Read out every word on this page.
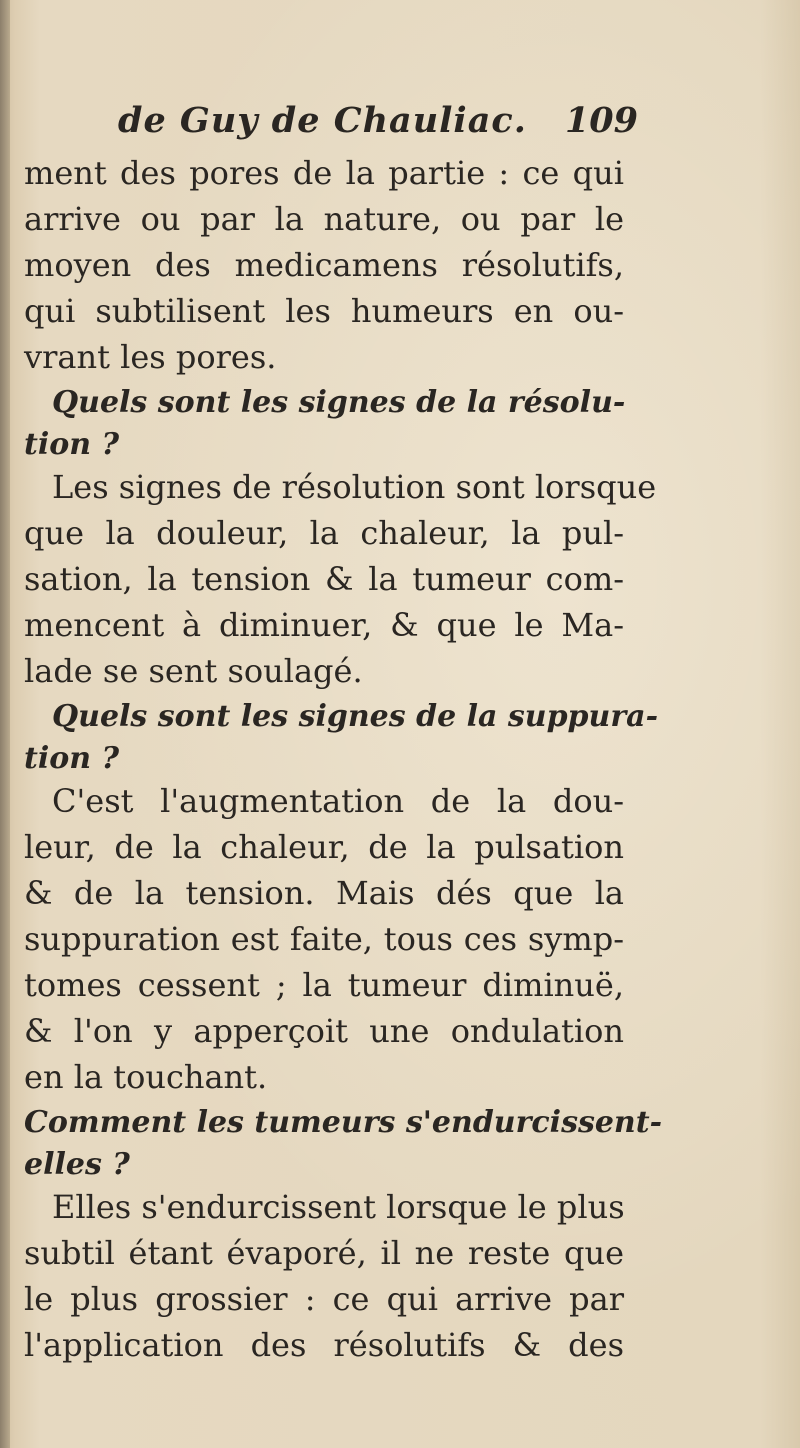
de Guy de Chauliac. 109
ment des pores de la partie : ce qui
arrive ou par la nature, ou par le
moyen des medicamens résolutifs,
qui subtilisent les humeurs en ou-
vrant les pores.
Quels sont les signes de la résolu-
tion ?
Les signes de résolution sont lorsque
que la douleur, la chaleur, la pul-
sation, la tension & la tumeur com-
mencent à diminuer, & que le Ma-
lade se sent soulagé.
Quels sont les signes de la suppura-
tion ?
C'est l'augmentation de la dou-
leur, de la chaleur, de la pulsation
& de la tension. Mais dés que la
suppuration est faite, tous ces symp-
tomes cessent ; la tumeur diminuë,
& l'on y apperçoit une ondulation
en la touchant.
Comment les tumeurs s'endurcissent-
elles ?
Elles s'endurcissent lorsque le plus
subtil étant évaporé, il ne reste que
le plus grossier : ce qui arrive par
l'application des résolutifs & des
